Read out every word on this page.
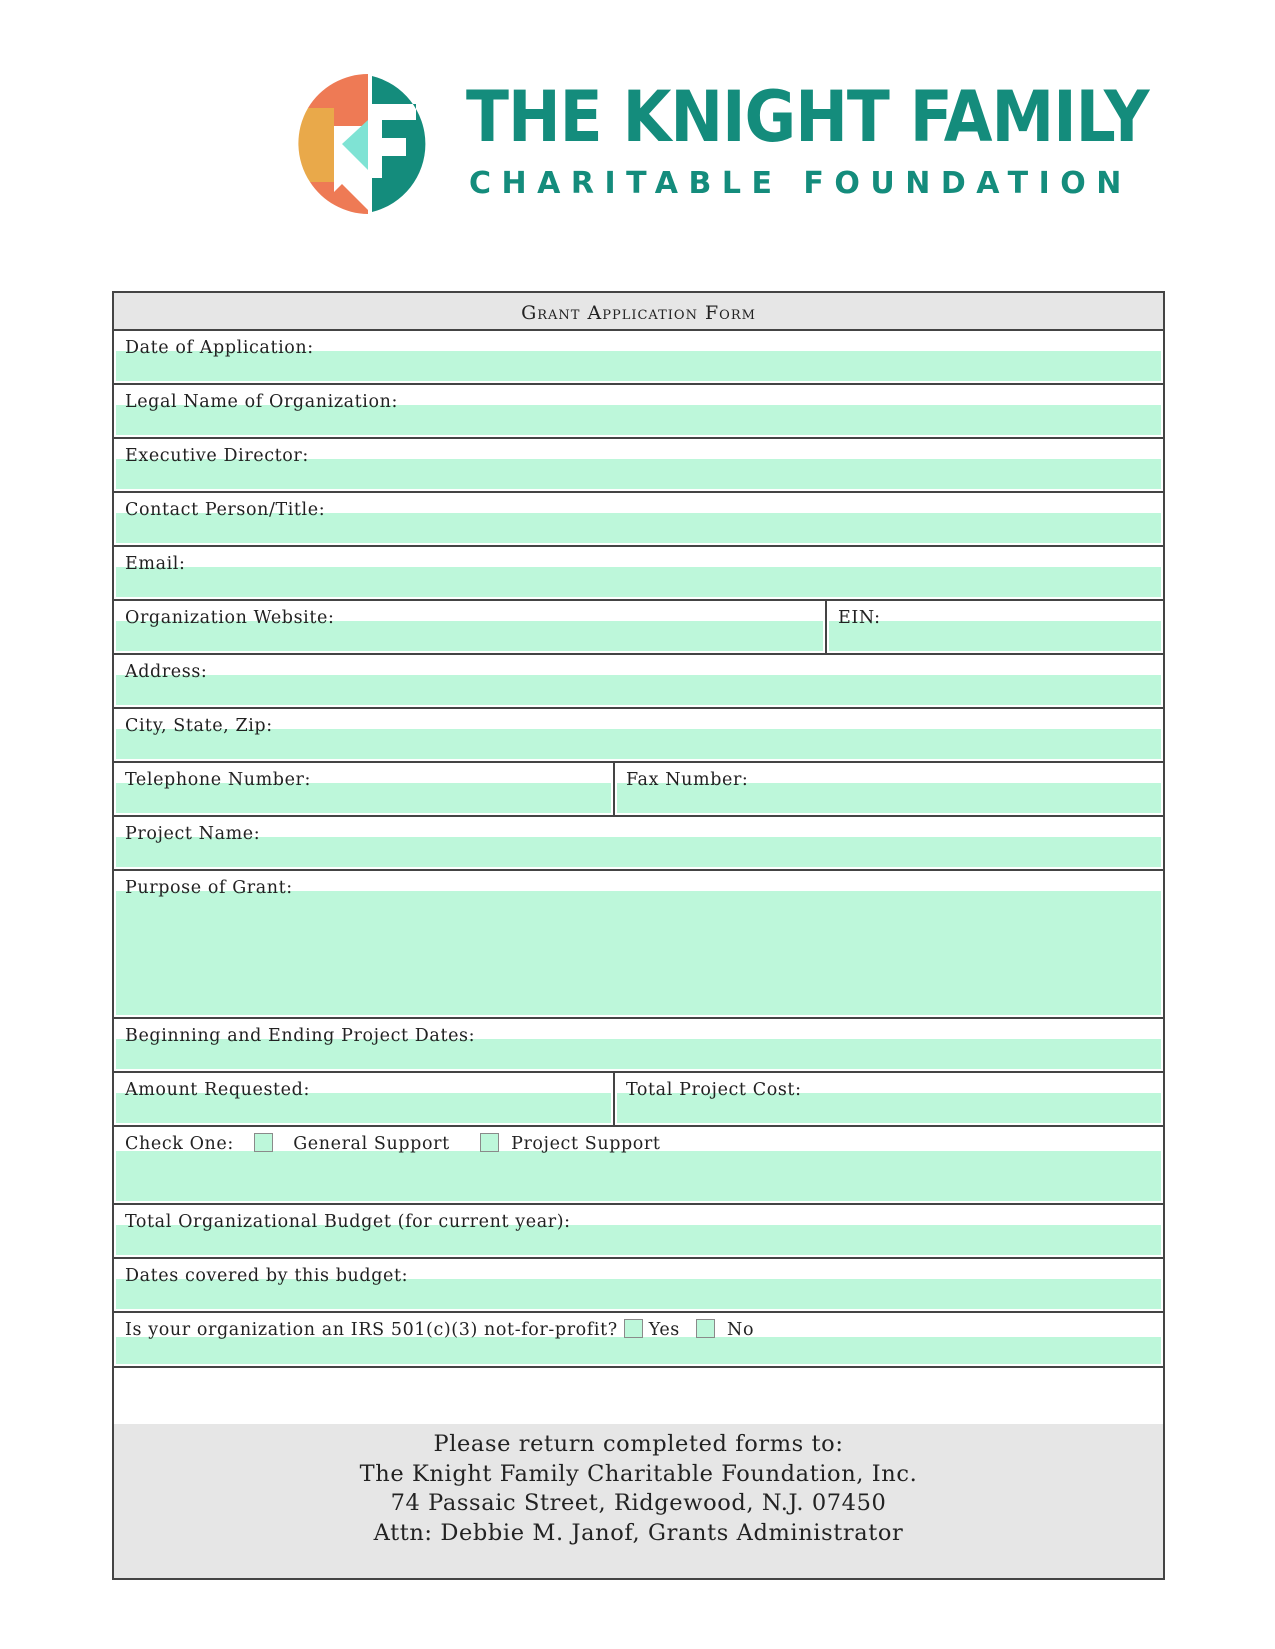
THE KNIGHT FAMILY
CHARITABLE FOUNDATION
Grant Application Form
Date of Application:
Legal Name of Organization:
Executive Director:
Contact Person/Title:
Email:
Organization Website:	EIN:
Address:
City, State, Zip:
Telephone Number:	Fax Number:
Project Name:
Purpose of Grant:
Beginning and Ending Project Dates:
Amount Requested:	Total Project Cost:
Check One:	General Support	Project Support
Total Organizational Budget (for current year):
Dates covered by this budget:
Is your organization an IRS 501(c)(3) not-for-profit? Yes	No
Please return completed forms to:
The Knight Family Charitable Foundation, Inc.
74 Passaic Street, Ridgewood, N.J. 07450
Attn: Debbie M. Janof, Grants Administrator
